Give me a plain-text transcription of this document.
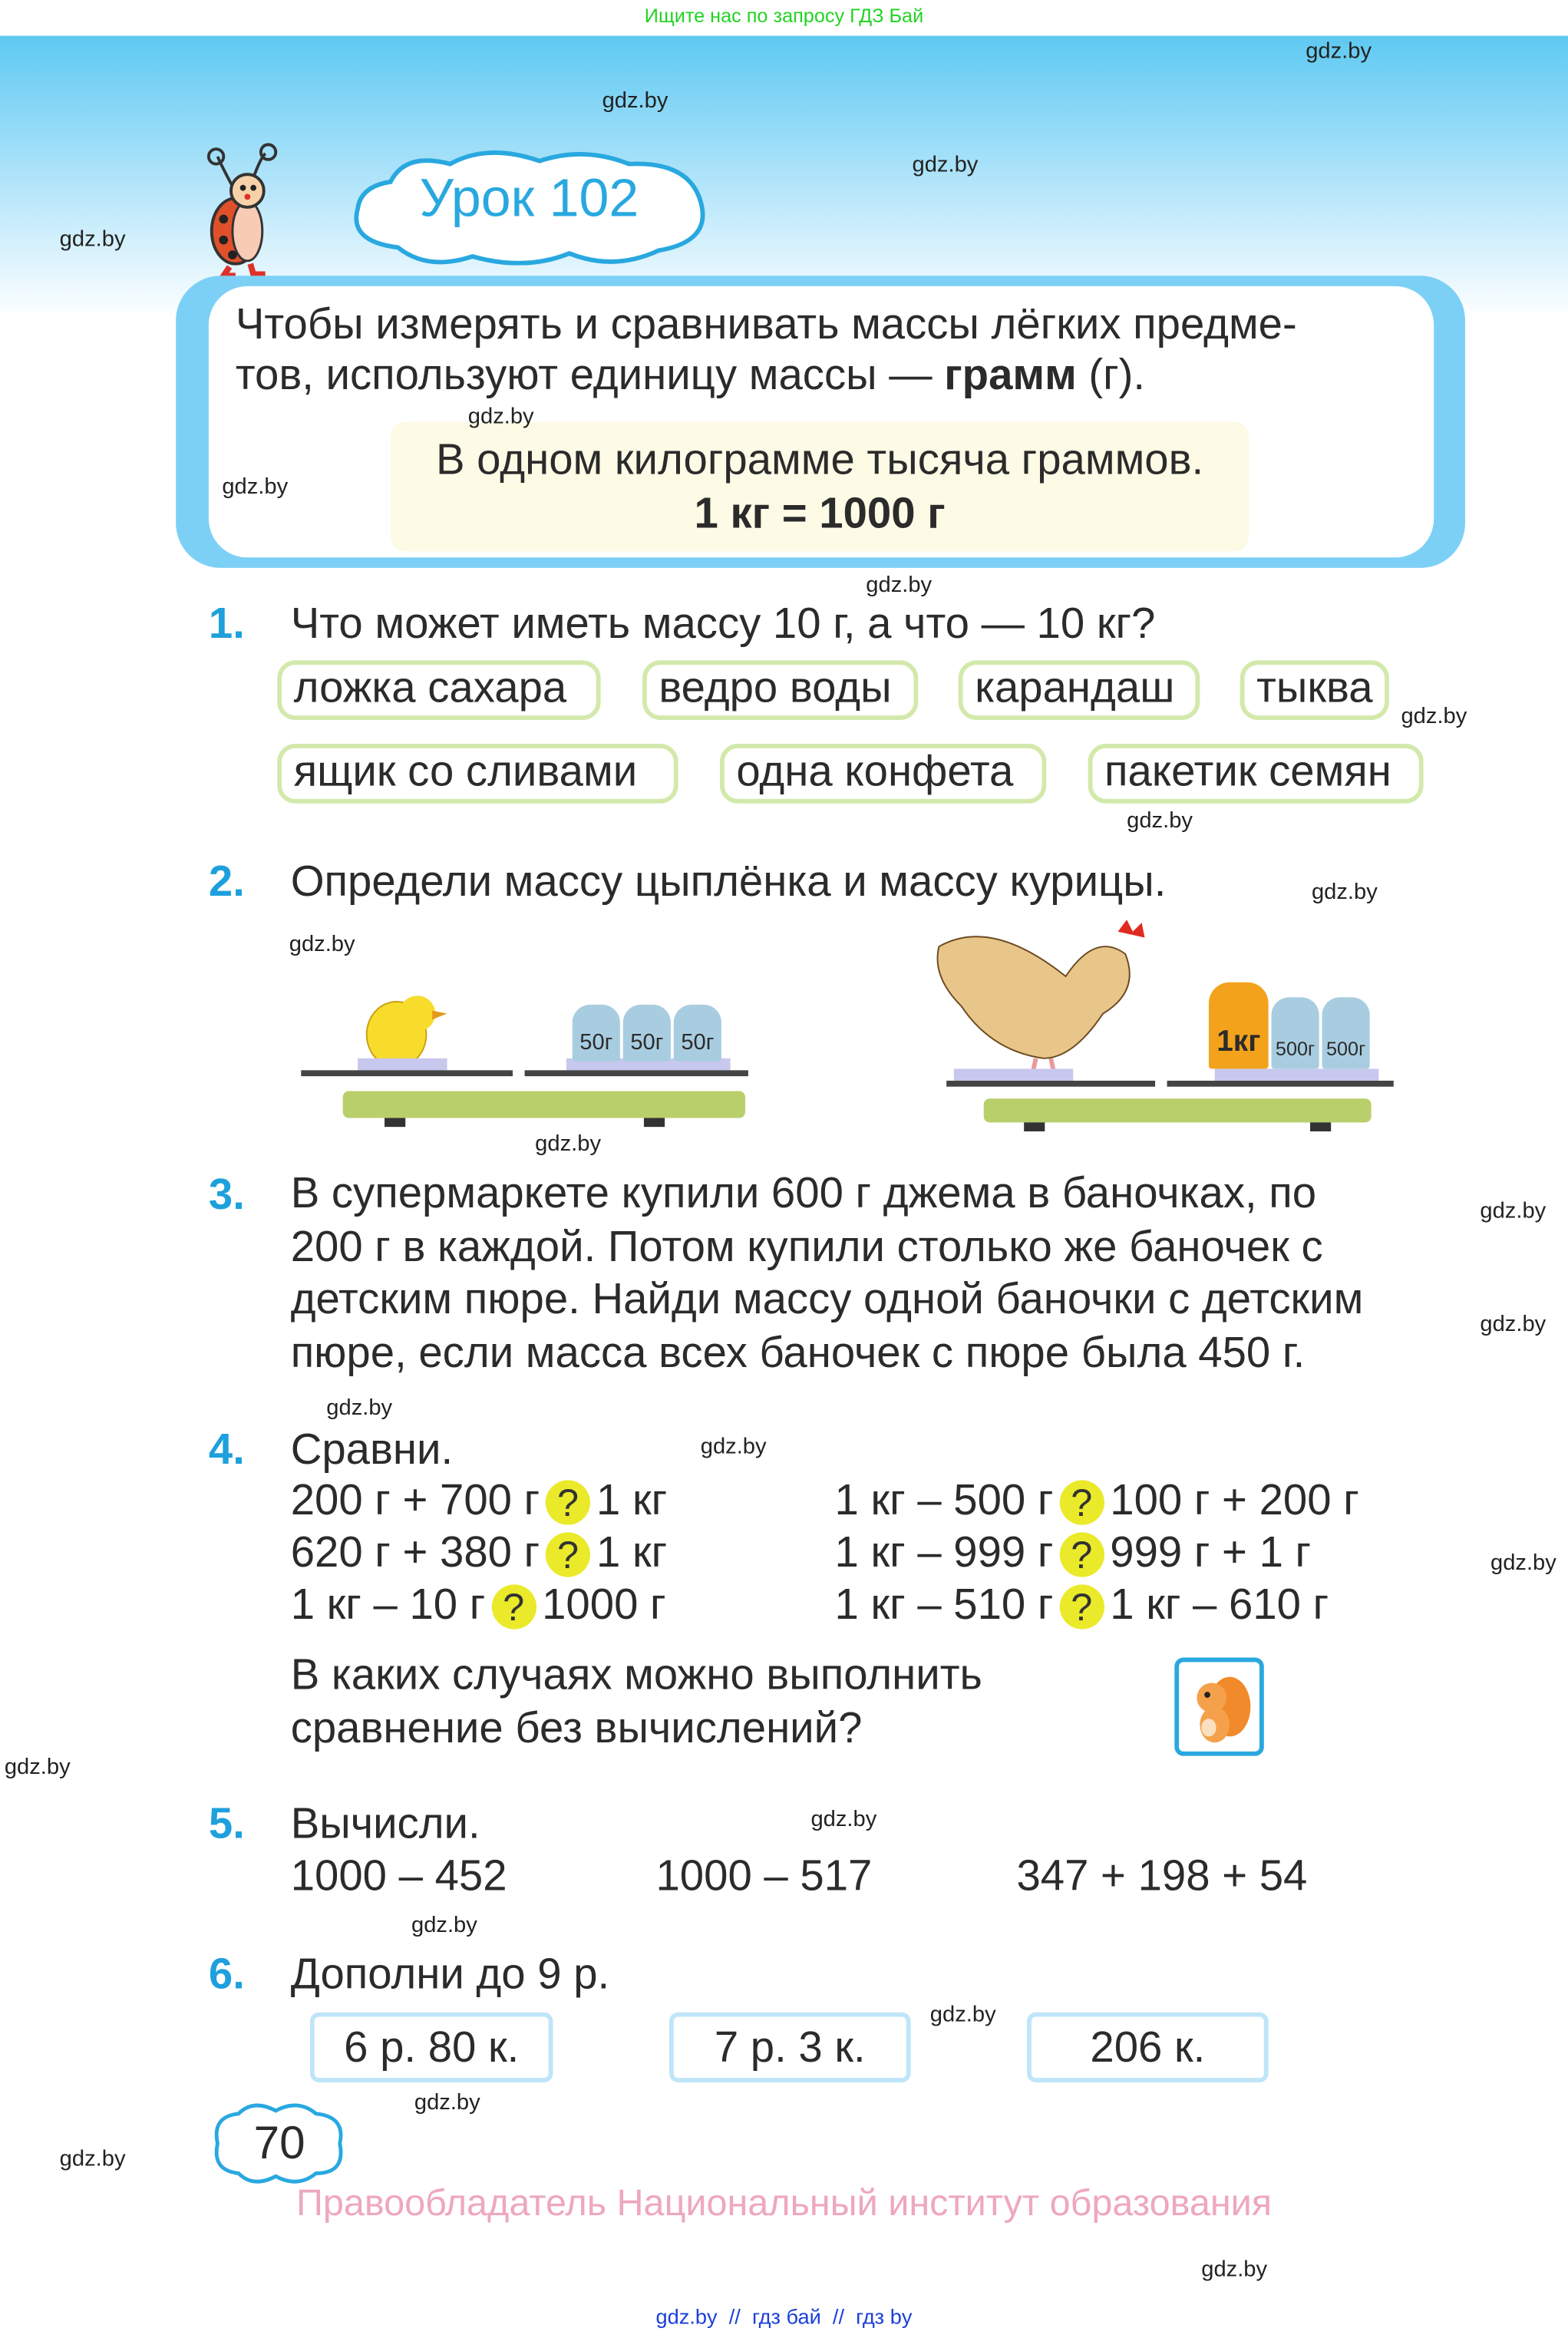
Ищите нас по запросу ГДЗ Бай
Урок 102
Чтобы измерять и сравнивать массы лёгких предме-
тов, используют единицу массы — грамм (г).
В одном килограмме тысяча граммов.
1 кг = 1000 г
1. Что может иметь массу 10 г, а что — 10 кг?
ложка сахара	ведро воды	карандаш	тыква
ящик со сливами	одна конфета	пакетик семян
2. Определи массу цыплёнка и массу курицы.
50г	50г	50г	1кг	500г	500г
3. В супермаркете купили 600 г джема в баночках, по
200 г в каждой. Потом купили столько же баночек с
детским пюре. Найди массу одной баночки с детским
пюре, если масса всех баночек с пюре была 450 г.
4. Сравни.
200 г + 700 г ? 1 кг
620 г + 380 г ? 1 кг
1 кг – 10 г ? 1000 г
1 кг – 500 г ? 100 г + 200 г
1 кг – 999 г ? 999 г + 1 г
1 кг – 510 г ? 1 кг – 610 г
В каких случаях можно выполнить
сравнение без вычислений?
5. Вычисли.
1000 – 452	1000 – 517	347 + 198 + 54
6. Дополни до 9 р.
6 р. 80 к.	7 р. 3 к.	206 к.
70
Правообладатель Национальный институт образования
gdz.by  //  гдз бай  //  гдз by
gdz.by
gdz.by
gdz.by
gdz.by
gdz.by
gdz.by
gdz.by
gdz.by
gdz.by
gdz.by
gdz.by
gdz.by
gdz.by
gdz.by
gdz.by
gdz.by
gdz.by
gdz.by
gdz.by
gdz.by
gdz.by
gdz.by
gdz.by
gdz.by
